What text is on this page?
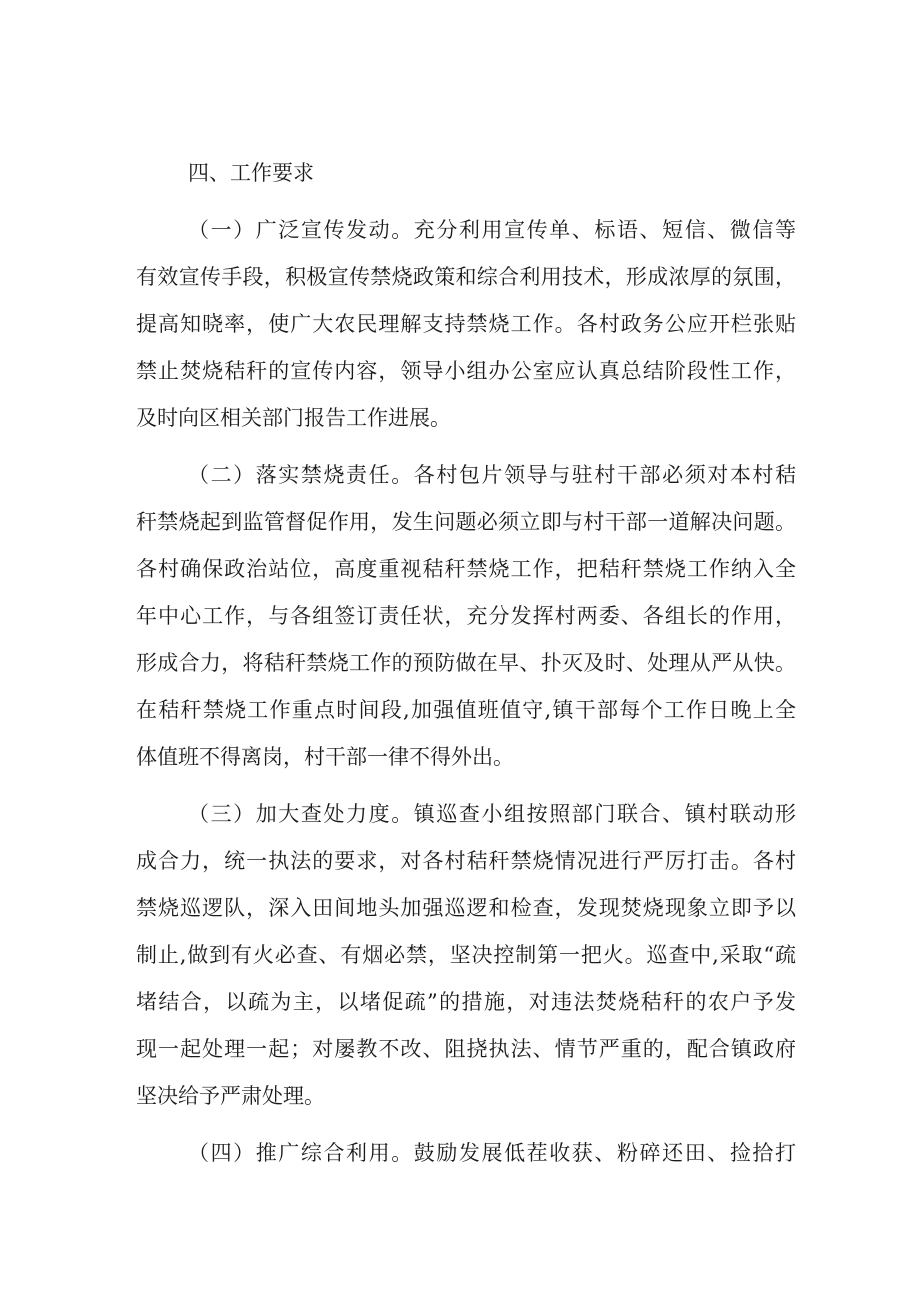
四、工作要求
（一）广泛宣传发动。充分利用宣传单、标语、短信、微信等
有效宣传手段，积极宣传禁烧政策和综合利用技术，形成浓厚的氛围，
提高知晓率，使广大农民理解支持禁烧工作。各村政务公应开栏张贴
禁止焚烧秸秆的宣传内容，领导小组办公室应认真总结阶段性工作，
及时向区相关部门报告工作进展。
（二）落实禁烧责任。各村包片领导与驻村干部必须对本村秸
秆禁烧起到监管督促作用，发生问题必须立即与村干部一道解决问题。
各村确保政治站位，高度重视秸秆禁烧工作，把秸秆禁烧工作纳入全
年中心工作，与各组签订责任状，充分发挥村两委、各组长的作用，
形成合力，将秸秆禁烧工作的预防做在早、扑灭及时、处理从严从快。
在秸秆禁烧工作重点时间段,加强值班值守,镇干部每个工作日晚上全
体值班不得离岗，村干部一律不得外出。
（三）加大查处力度。镇巡查小组按照部门联合、镇村联动形
成合力，统一执法的要求，对各村秸秆禁烧情况进行严厉打击。各村
禁烧巡逻队，深入田间地头加强巡逻和检查，发现焚烧现象立即予以
制止,做到有火必查、有烟必禁，坚决控制第一把火。巡查中,采取“疏
堵结合，以疏为主，以堵促疏”的措施，对违法焚烧秸秆的农户予发
现一起处理一起；对屡教不改、阻挠执法、情节严重的，配合镇政府
坚决给予严肃处理。
（四）推广综合利用。鼓励发展低茬收获、粉碎还田、捡拾打
